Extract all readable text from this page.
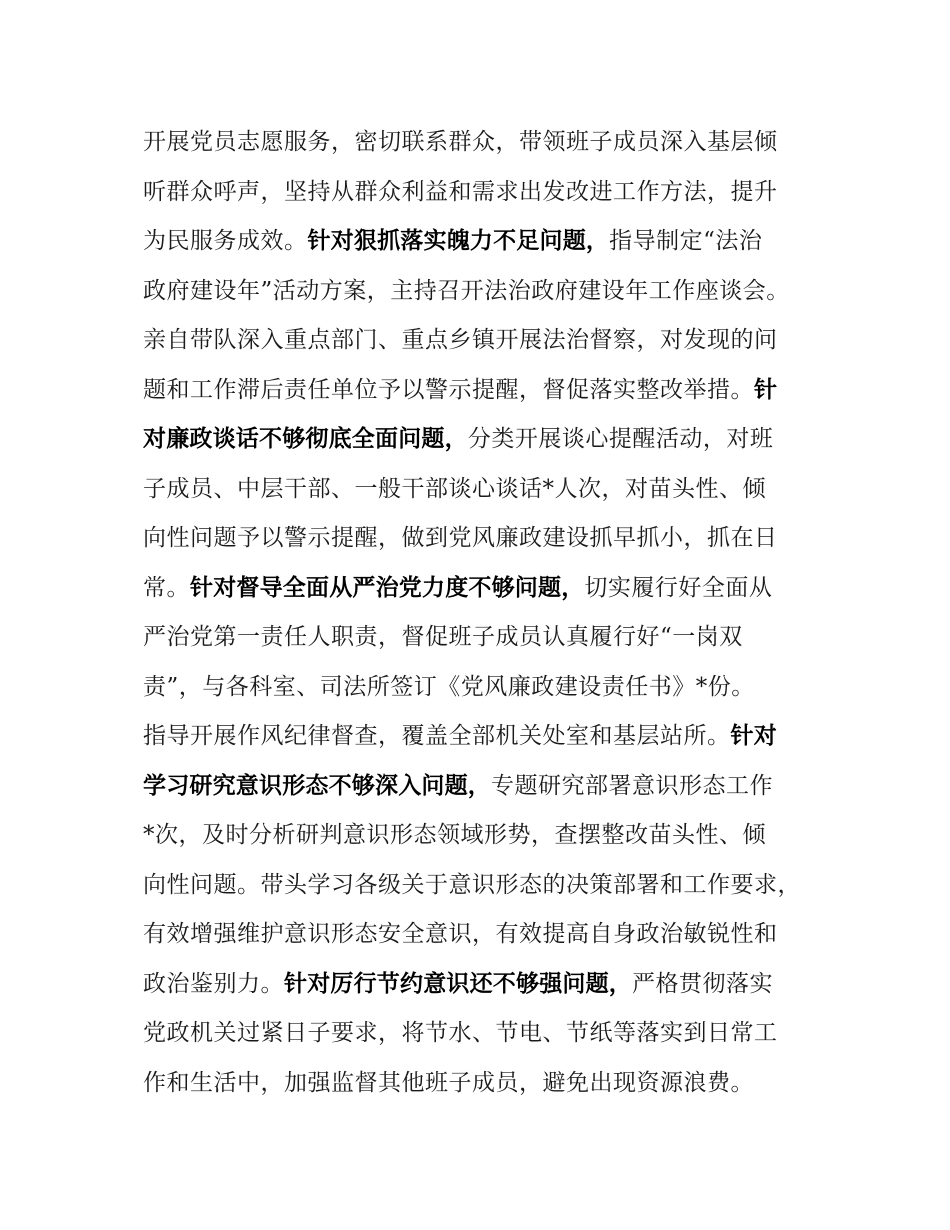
开展党员志愿服务，密切联系群众，带领班子成员深入基层倾
听群众呼声，坚持从群众利益和需求出发改进工作方法，提升
为民服务成效。针对狠抓落实魄力不足问题，指导制定“法治
政府建设年”活动方案，主持召开法治政府建设年工作座谈会。
亲自带队深入重点部门、重点乡镇开展法治督察，对发现的问
题和工作滞后责任单位予以警示提醒，督促落实整改举措。针
对廉政谈话不够彻底全面问题，分类开展谈心提醒活动，对班
子成员、中层干部、一般干部谈心谈话*人次，对苗头性、倾
向性问题予以警示提醒，做到党风廉政建设抓早抓小，抓在日
常。针对督导全面从严治党力度不够问题，切实履行好全面从
严治党第一责任人职责，督促班子成员认真履行好“一岗双
责”，与各科室、司法所签订《党风廉政建设责任书》*份。
指导开展作风纪律督查，覆盖全部机关处室和基层站所。针对
学习研究意识形态不够深入问题，专题研究部署意识形态工作
*次，及时分析研判意识形态领域形势，查摆整改苗头性、倾
向性问题。带头学习各级关于意识形态的决策部署和工作要求，
有效增强维护意识形态安全意识，有效提高自身政治敏锐性和
政治鉴别力。针对厉行节约意识还不够强问题，严格贯彻落实
党政机关过紧日子要求，将节水、节电、节纸等落实到日常工
作和生活中，加强监督其他班子成员，避免出现资源浪费。
